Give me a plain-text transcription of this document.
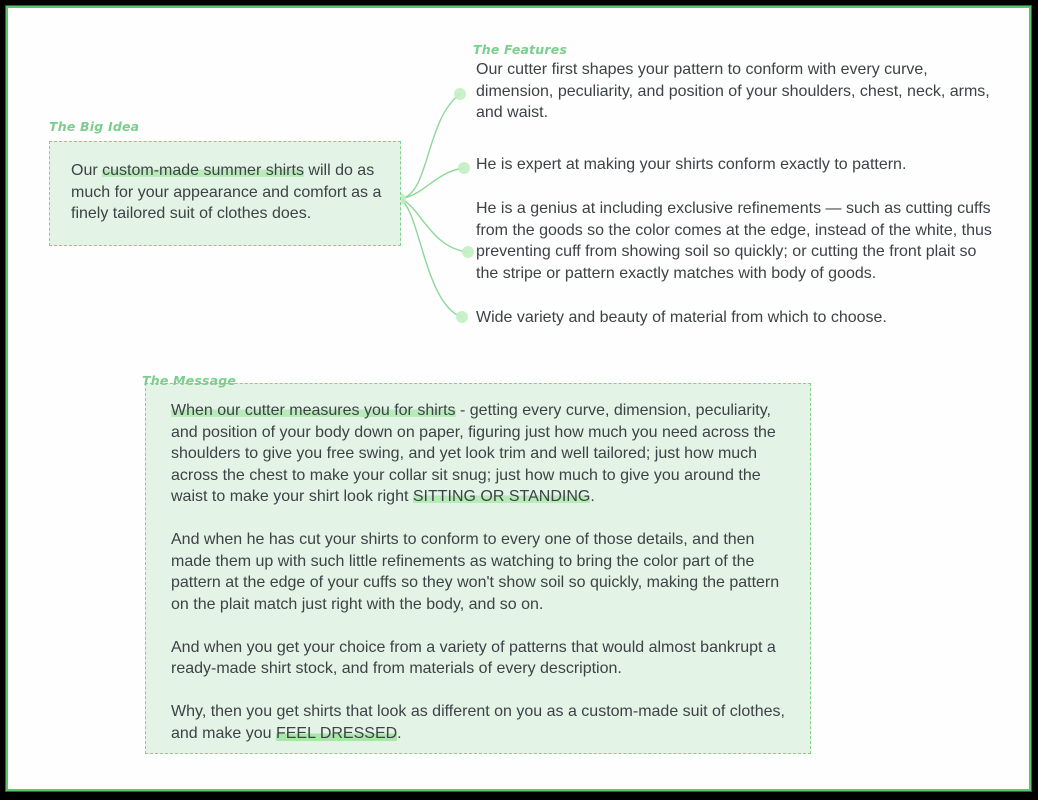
The Big Idea
Our custom-made summer shirts will do as much for your appearance and comfort as a finely tailored suit of clothes does.
The Features
Our cutter first shapes your pattern to conform with every curve, dimension, peculiarity, and position of your shoulders, chest, neck, arms, and waist.
He is expert at making your shirts conform exactly to pattern.
He is a genius at including exclusive refinements — such as cutting cuffs from the goods so the color comes at the edge, instead of the white, thus preventing cuff from showing soil so quickly; or cutting the front plait so the stripe or pattern exactly matches with body of goods.
Wide variety and beauty of material from which to choose.

When our cutter measures you for shirts - getting every curve, dimension, peculiarity, and position of your body down on paper, figuring just how much you need across the shoulders to give you free swing, and yet look trim and well tailored; just how much across the chest to make your collar sit snug; just how much to give you around the waist to make your shirt look right SITTING OR STANDING.

And when he has cut your shirts to conform to every one of those details, and then made them up with such little refinements as watching to bring the color part of the pattern at the edge of your cuffs so they won't show soil so quickly, making the pattern on the plait match just right with the body, and so on.

And when you get your choice from a variety of patterns that would almost bankrupt a ready-made shirt stock, and from materials of every description.

Why, then you get shirts that look as different on you as a custom-made suit of clothes, and make you FEEL DRESSED.

The Message
